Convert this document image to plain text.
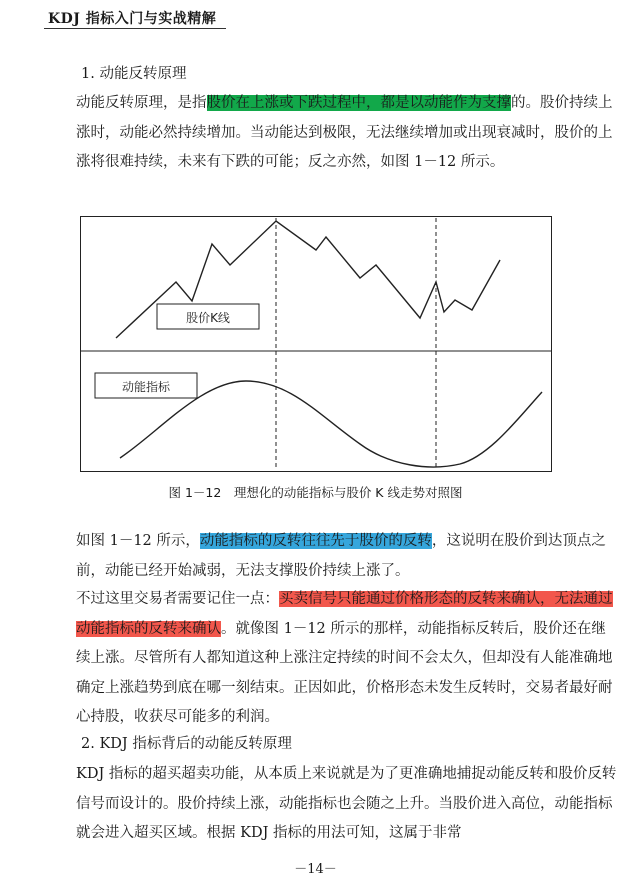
KDJ 指标入门与实战精解
1. 动能反转原理

动能反转原理，是指股价在上涨或下跌过程中，都是以动能作为支撑的。股价持续上涨时，动能必然持续增加。当动能达到极限，无法继续增加或出现衰减时，股价的上涨将很难持续，未来有下跌的可能；反之亦然，如图 1－12 所示。

股价K线
动能指标
图 1－12　理想化的动能指标与股价 K 线走势对照图

如图 1－12 所示，动能指标的反转往往先于股价的反转，这说明在股价到达顶点之前，动能已经开始减弱，无法支撑股价持续上涨了。

不过这里交易者需要记住一点：买卖信号只能通过价格形态的反转来确认，无法通过动能指标的反转来确认。就像图 1－12 所示的那样，动能指标反转后，股价还在继续上涨。尽管所有人都知道这种上涨注定持续的时间不会太久，但却没有人能准确地确定上涨趋势到底在哪一刻结束。正因如此，价格形态未发生反转时，交易者最好耐心持股，收获尽可能多的利润。

2. KDJ 指标背后的动能反转原理

KDJ 指标的超买超卖功能，从本质上来说就是为了更准确地捕捉动能反转和股价反转信号而设计的。股价持续上涨，动能指标也会随之上升。当股价进入高位，动能指标就会进入超买区域。根据 KDJ 指标的用法可知，这属于非常

－14－
